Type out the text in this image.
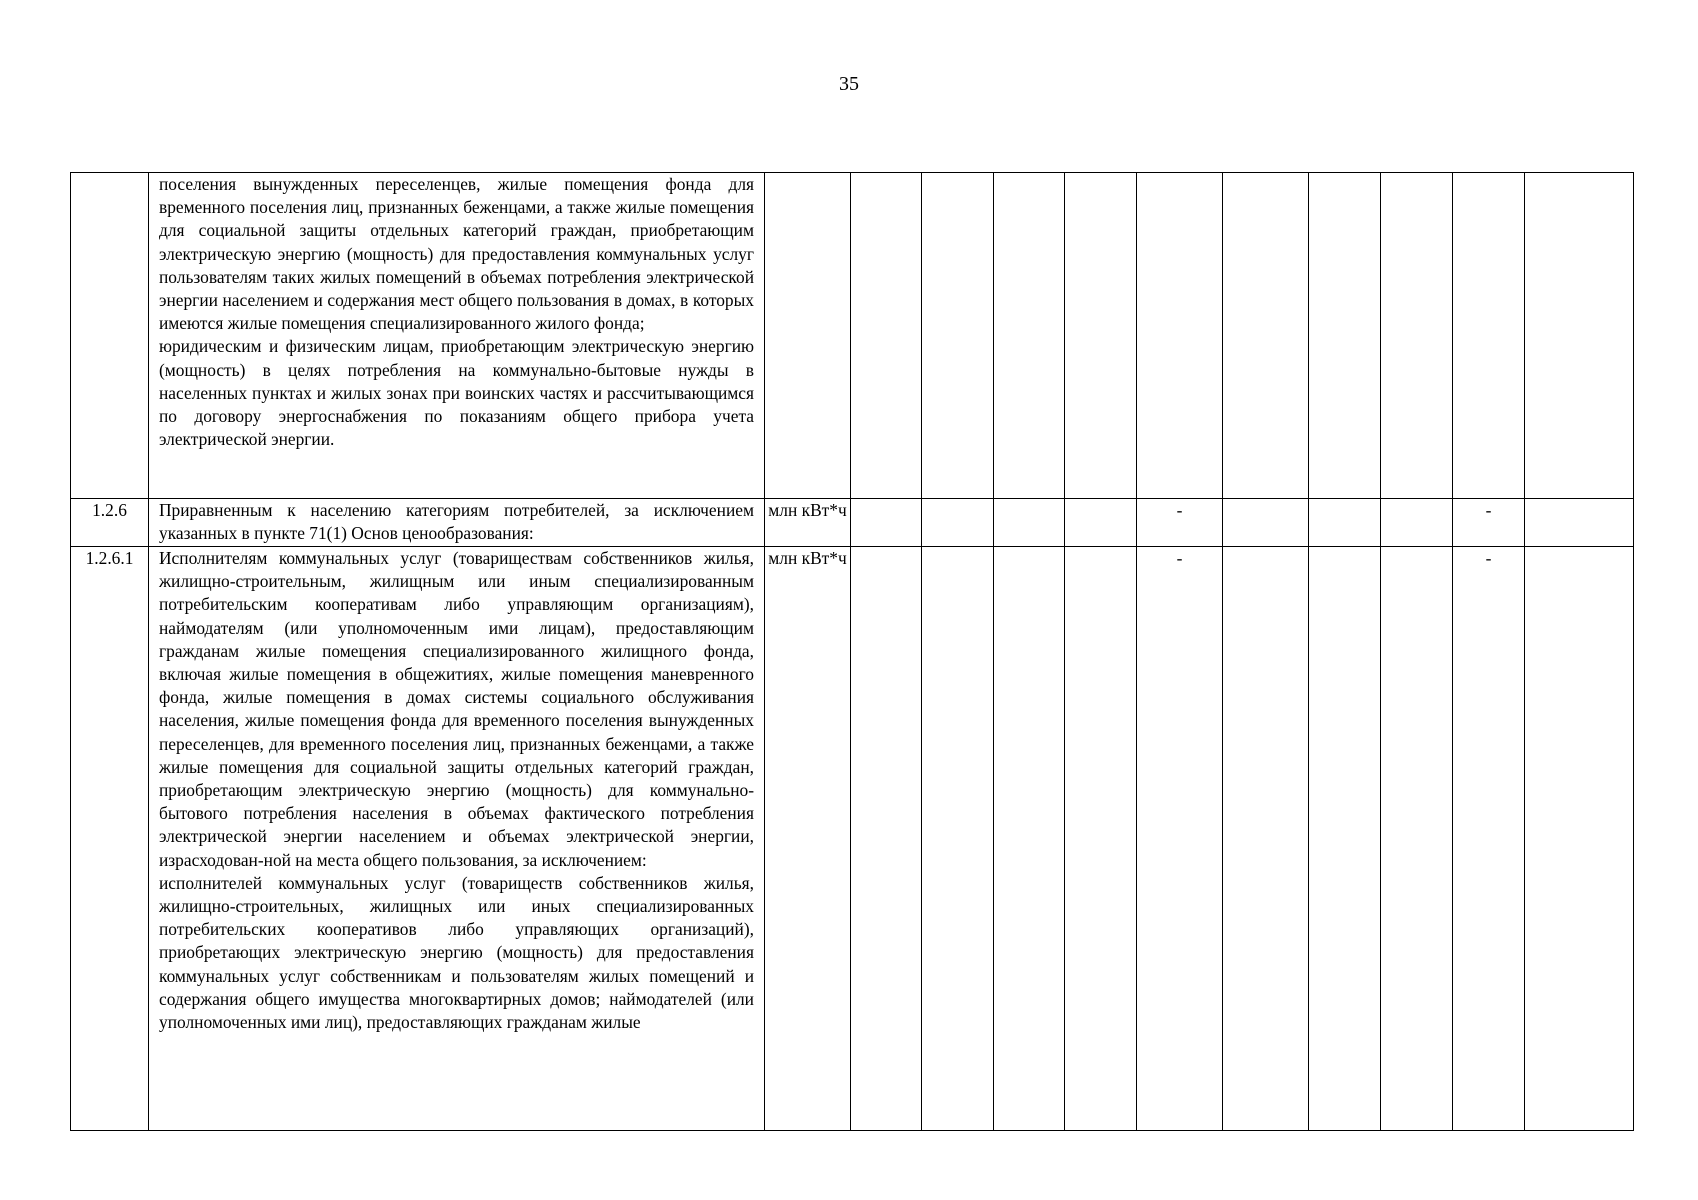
35

	поселения вынужденных переселенцев, жилые помещения фонда для временного поселения лиц, признанных беженцами, а также жилые помещения для социальной защиты отдельных категорий граждан, приобретающим электрическую энергию (мощность) для предоставления коммунальных услуг пользователям таких жилых помещений в объемах потребления электрической энергии населением и содержания мест общего пользования в домах, в которых имеются жилые помещения специализированного жилого фонда;

юридическим и физическим лицам, приобретающим электрическую энергию (мощность) в целях потребления на коммунально-бытовые нужды в населенных пунктах и жилых зонах при воинских частях и рассчитывающимся по договору энергоснабжения по показаниям общего прибора учета электрической энергии.											

1.2.6	Приравненным к населению категориям потребителей, за исключением указанных в пункте 71(1) Основ ценообразования:	млн кВт*ч					-				-	
1.2.6.1	Исполнителям коммунальных услуг (товариществам собственников жилья, жилищно-строительным, жилищным или иным специализированным потребительским кооперативам либо управляющим организациям), наймодателям (или уполномоченным ими лицам), предоставляющим гражданам жилые помещения специализированного жилищного фонда, включая жилые помещения в общежитиях, жилые помещения маневренного фонда, жилые помещения в домах системы социального обслуживания населения, жилые помещения фонда для временного поселения вынужденных переселенцев, для временного поселения лиц, признанных беженцами, а также жилые помещения для социальной защиты отдельных категорий граждан, приобретающим электрическую энергию (мощность) для коммунально-бытового потребления населения в объемах фактического потребления электрической энергии населением и объемах электрической энергии, израсходован-ной на места общего пользования, за исключением:

исполнителей коммунальных услуг (товариществ собственников жилья, жилищно-строительных, жилищных или иных специализированных потребительских кооперативов либо управляющих организаций), приобретающих электрическую энергию (мощность) для предоставления коммунальных услуг собственникам и пользователям жилых помещений и содержания общего имущества многоквартирных домов; наймодателей (или уполномоченных ими лиц), предоставляющих гражданам жилые	млн кВт*ч					-				-	
